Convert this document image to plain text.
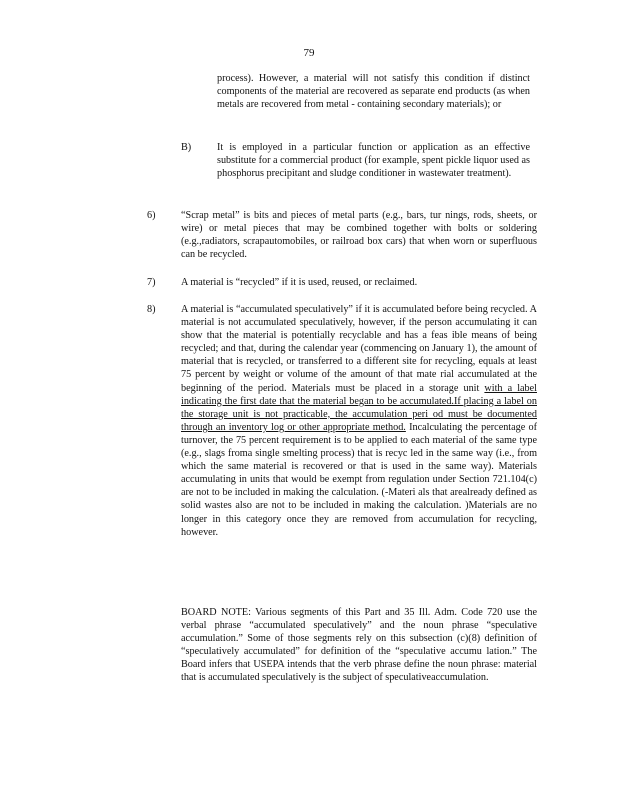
79

process). However, a material will not satisfy this condition if distinct components of the material are recovered as separate end products (as when metals are recovered from metal - containing secondary materials); or

B)	It is employed in a particular function or application as an effective substitute for a commercial product (for example, spent pickle liquor used as phosphorus precipitant and sludge conditioner in wastewater treatment).

6)	“Scrap metal” is bits and pieces of metal parts (e.g., bars, tur nings, rods, sheets, or wire) or metal pieces that may be combined together with bolts or soldering (e.g.,radiators, scrapautomobiles, or railroad box cars) that when worn or superfluous can be recycled.

7)	A material is “recycled” if it is used, reused, or reclaimed.

8)	A material is “accumulated speculatively” if it is accumulated before being recycled. A material is not accumulated speculatively, however, if the person accumulating it can show that the material is potentially recyclable and has a feas ible means of being recycled; and that, during the calendar year (commencing on January 1), the amount of material that is recycled, or transferred to a different site for recycling, equals at least 75 percent by weight or volume of the amount of that mate rial accumulated at the beginning of the period. Materials must be placed in a storage unit with a label indicating the first date that the material began to be accumulated.If placing a label on the storage unit is not practicable, the accumulation peri od must be documented through an inventory log or other appropriate method. Incalculating the percentage of turnover, the 75 percent requirement is to be applied to each material of the same type (e.g., slags froma single smelting process) that is recyc led in the same way (i.e., from which the same material is recovered or that is used in the same way). Materials accumulating in units that would be exempt from regulation under Section 721.104(c) are not to be included in making the calculation. (-Materi als that arealready defined as solid wastes also are not to be included in making the calculation. )Materials are no longer in this category once they are removed from accumulation for recycling, however.

BOARD NOTE: Various segments of this Part and 35 Ill. Adm. Code 720 use the verbal phrase “accumulated speculatively” and the noun phrase “speculative accumulation.” Some of those segments rely on this subsection (c)(8) definition of “speculatively accumulated” for definition of the “speculative accumu lation.” The Board infers that USEPA intends that the verb phrase define the noun phrase: material that is accumulated speculatively is the subject of speculativeaccumulation.
